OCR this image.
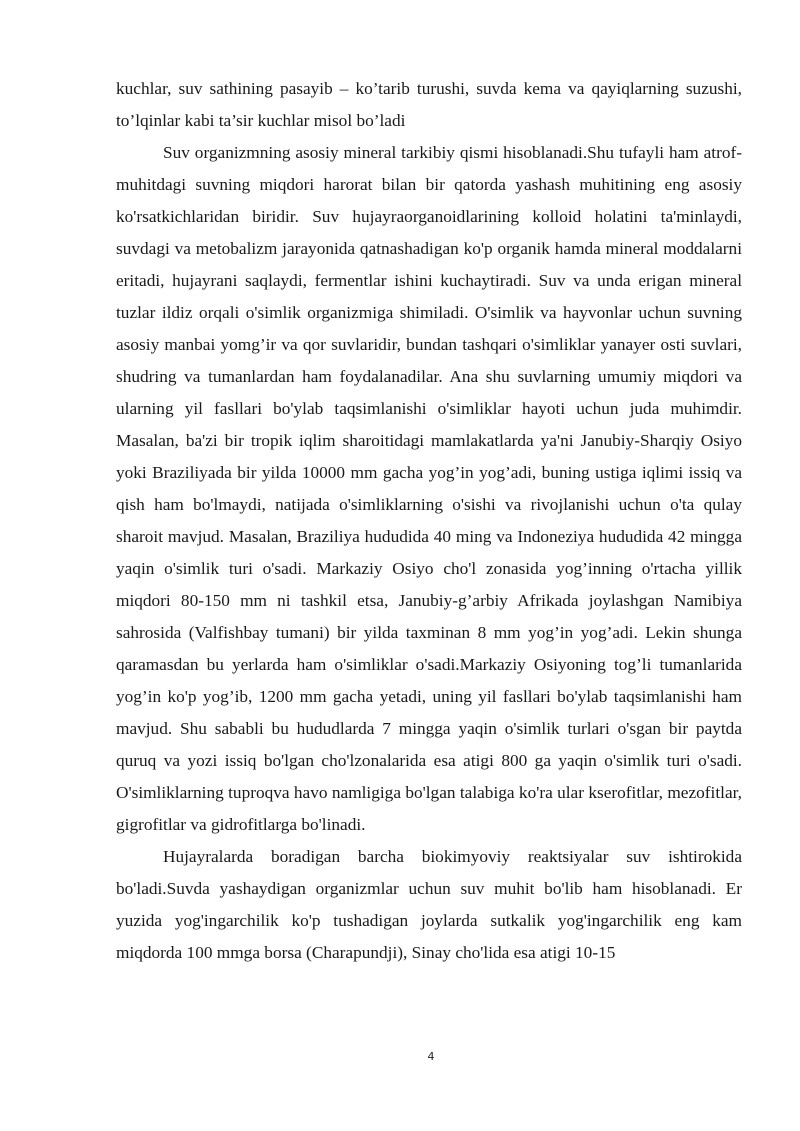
kuchlar, suv sathining pasayib – ko’tarib turushi, suvda kema va qayiqlarning suzushi, to’lqinlar kabi ta’sir kuchlar misol bo’ladi

Suv organizmning asosiy mineral tarkibiy qismi hisoblanadi.Shu tufayli ham atrof-muhitdagi suvning miqdori harorat bilan bir qatorda yashash muhitining eng asosiy ko'rsatkichlaridan biridir. Suv hujayraorganoidlarining kolloid holatini ta'minlaydi, suvdagi va metobalizm jarayonida qatnashadigan ko'p organik hamda mineral moddalarni eritadi, hujayrani saqlaydi, fermentlar ishini kuchaytiradi. Suv va unda erigan mineral tuzlar ildiz orqali o'simlik organizmiga shimiladi. O'simlik va hayvonlar uchun suvning asosiy manbai yomg’ir va qor suvlaridir, bundan tashqari o'simliklar yanayer osti suvlari, shudring va tumanlardan ham foydalanadilar. Ana shu suvlarning umumiy miqdori va ularning yil fasllari bo'ylab taqsimlanishi o'simliklar hayoti uchun juda muhimdir. Masalan, ba'zi bir tropik iqlim sharoitidagi mamlakatlarda ya'ni Janubiy-Sharqiy Osiyo yoki Braziliyada bir yilda 10000 mm gacha yog’in yog’adi, buning ustiga iqlimi issiq va qish ham bo'lmaydi, natijada o'simliklarning o'sishi va rivojlanishi uchun o'ta qulay sharoit mavjud. Masalan, Braziliya hududida 40 ming va Indoneziya hududida 42 mingga yaqin o'simlik turi o'sadi. Markaziy Osiyo cho'l zonasida yog’inning o'rtacha yillik miqdori 80-150 mm ni tashkil etsa, Janubiy-g’arbiy Afrikada joylashgan Namibiya sahrosida (Valfishbay tumani) bir yilda taxminan 8 mm yog’in yog’adi. Lekin shunga qaramasdan bu yerlarda ham o'simliklar o'sadi.Markaziy Osiyoning tog’li tumanlarida yog’in ko'p yog’ib, 1200 mm gacha yetadi, uning yil fasllari bo'ylab taqsimlanishi ham mavjud. Shu sababli bu hududlarda 7 mingga yaqin o'simlik turlari o'sgan bir paytda quruq va yozi issiq bo'lgan cho'lzonalarida esa atigi 800 ga yaqin o'simlik turi o'sadi. O'simliklarning tuproqva havo namligiga bo'lgan talabiga ko'ra ular kserofitlar, mezofitlar, gigrofitlar va gidrofitlarga bo'linadi.

Hujayralarda boradigan barcha biokimyoviy reaktsiyalar suv ishtirokida bo'ladi.Suvda yashaydigan organizmlar uchun suv muhit bo'lib ham hisoblanadi. Er yuzida yog'ingarchilik ko'p tushadigan joylarda sutkalik yog'ingarchilik eng kam miqdorda 100 mmga borsa (Charapundji), Sinay cho'lida esa atigi 10-15

4
